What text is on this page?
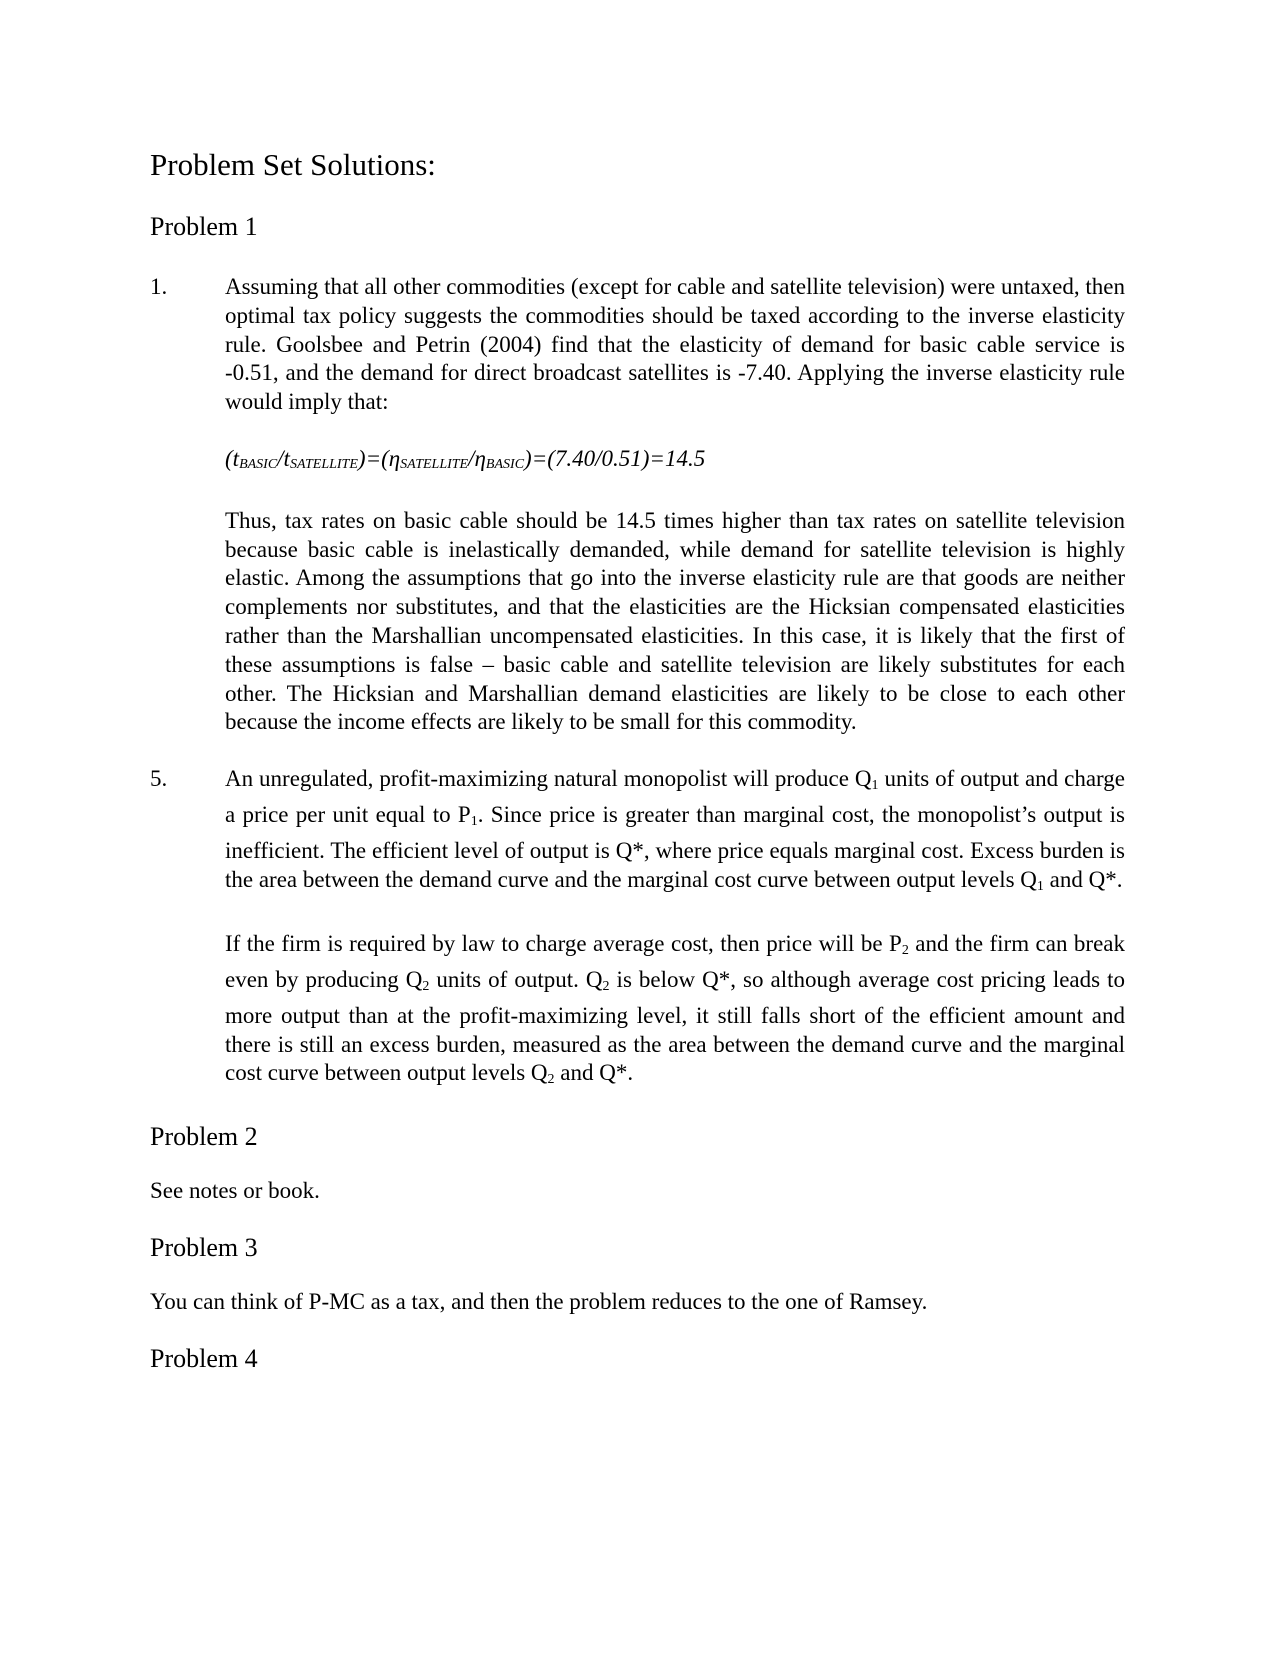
Problem Set Solutions:
Problem 1
1.	Assuming that all other commodities (except for cable and satellite television) were untaxed, then optimal tax policy suggests the commodities should be taxed according to the inverse elasticity rule. Goolsbee and Petrin (2004) find that the elasticity of demand for basic cable service is -0.51, and the demand for direct broadcast satellites is -7.40. Applying the inverse elasticity rule would imply that:

$(t_{BASIC}/t_{SATELLITE})=(\eta_{SATELLITE}/\eta_{BASIC})=(7.40/0.51)=14.5$

Thus, tax rates on basic cable should be 14.5 times higher than tax rates on satellite television because basic cable is inelastically demanded, while demand for satellite television is highly elastic. Among the assumptions that go into the inverse elasticity rule are that goods are neither complements nor substitutes, and that the elasticities are the Hicksian compensated elasticities rather than the Marshallian uncompensated elasticities. In this case, it is likely that the first of these assumptions is false – basic cable and satellite television are likely substitutes for each other. The Hicksian and Marshallian demand elasticities are likely to be close to each other because the income effects are likely to be small for this commodity.

5.	An unregulated, profit-maximizing natural monopolist will produce $Q_1$ units of output and charge a price per unit equal to $P_1$. Since price is greater than marginal cost, the monopolist’s output is inefficient. The efficient level of output is Q*, where price equals marginal cost. Excess burden is the area between the demand curve and the marginal cost curve between output levels $Q_1$ and Q*.

If the firm is required by law to charge average cost, then price will be $P_2$ and the firm can break even by producing $Q_2$ units of output. $Q_2$ is below Q*, so although average cost pricing leads to more output than at the profit-maximizing level, it still falls short of the efficient amount and there is still an excess burden, measured as the area between the demand curve and the marginal cost curve between output levels $Q_2$ and Q*.

Problem 2

See notes or book.

Problem 3

You can think of P-MC as a tax, and then the problem reduces to the one of Ramsey.

Problem 4
